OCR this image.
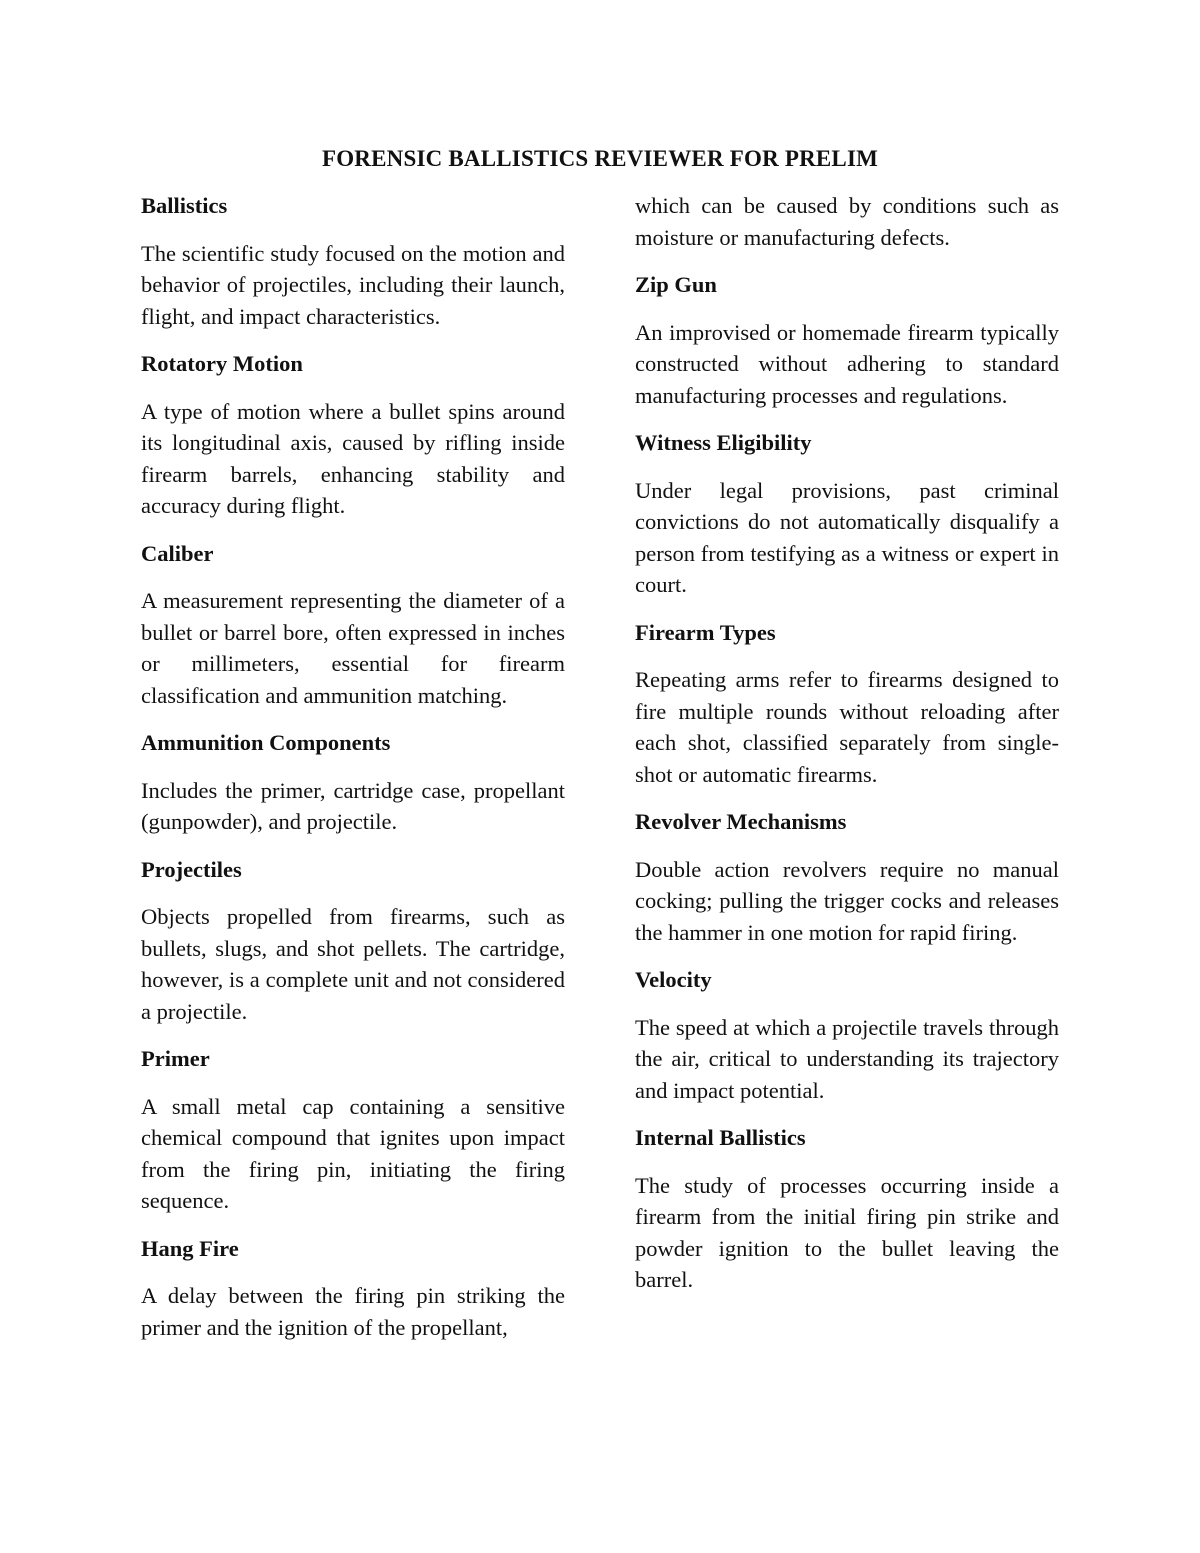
FORENSIC BALLISTICS REVIEWER FOR PRELIM

Ballistics

The scientific study focused on the motion and behavior of projectiles, including their launch, flight, and impact characteristics.

Rotatory Motion

A type of motion where a bullet spins around its longitudinal axis, caused by rifling inside firearm barrels, enhancing stability and accuracy during flight.

Caliber

A measurement representing the diameter of a bullet or barrel bore, often expressed in inches or millimeters, essential for firearm classification and ammunition matching.

Ammunition Components

Includes the primer, cartridge case, propellant (gunpowder), and projectile.

Projectiles

Objects propelled from firearms, such as bullets, slugs, and shot pellets. The cartridge, however, is a complete unit and not considered a projectile.

Primer

A small metal cap containing a sensitive chemical compound that ignites upon impact from the firing pin, initiating the firing sequence.

Hang Fire

A delay between the firing pin striking the primer and the ignition of the propellant,

which can be caused by conditions such as moisture or manufacturing defects.

Zip Gun

An improvised or homemade firearm typically constructed without adhering to standard manufacturing processes and regulations.

Witness Eligibility

Under legal provisions, past criminal convictions do not automatically disqualify a person from testifying as a witness or expert in court.

Firearm Types

Repeating arms refer to firearms designed to fire multiple rounds without reloading after each shot, classified separately from single-shot or automatic firearms.

Revolver Mechanisms

Double action revolvers require no manual cocking; pulling the trigger cocks and releases the hammer in one motion for rapid firing.

Velocity

The speed at which a projectile travels through the air, critical to understanding its trajectory and impact potential.

Internal Ballistics

The study of processes occurring inside a firearm from the initial firing pin strike and powder ignition to the bullet leaving the barrel.
